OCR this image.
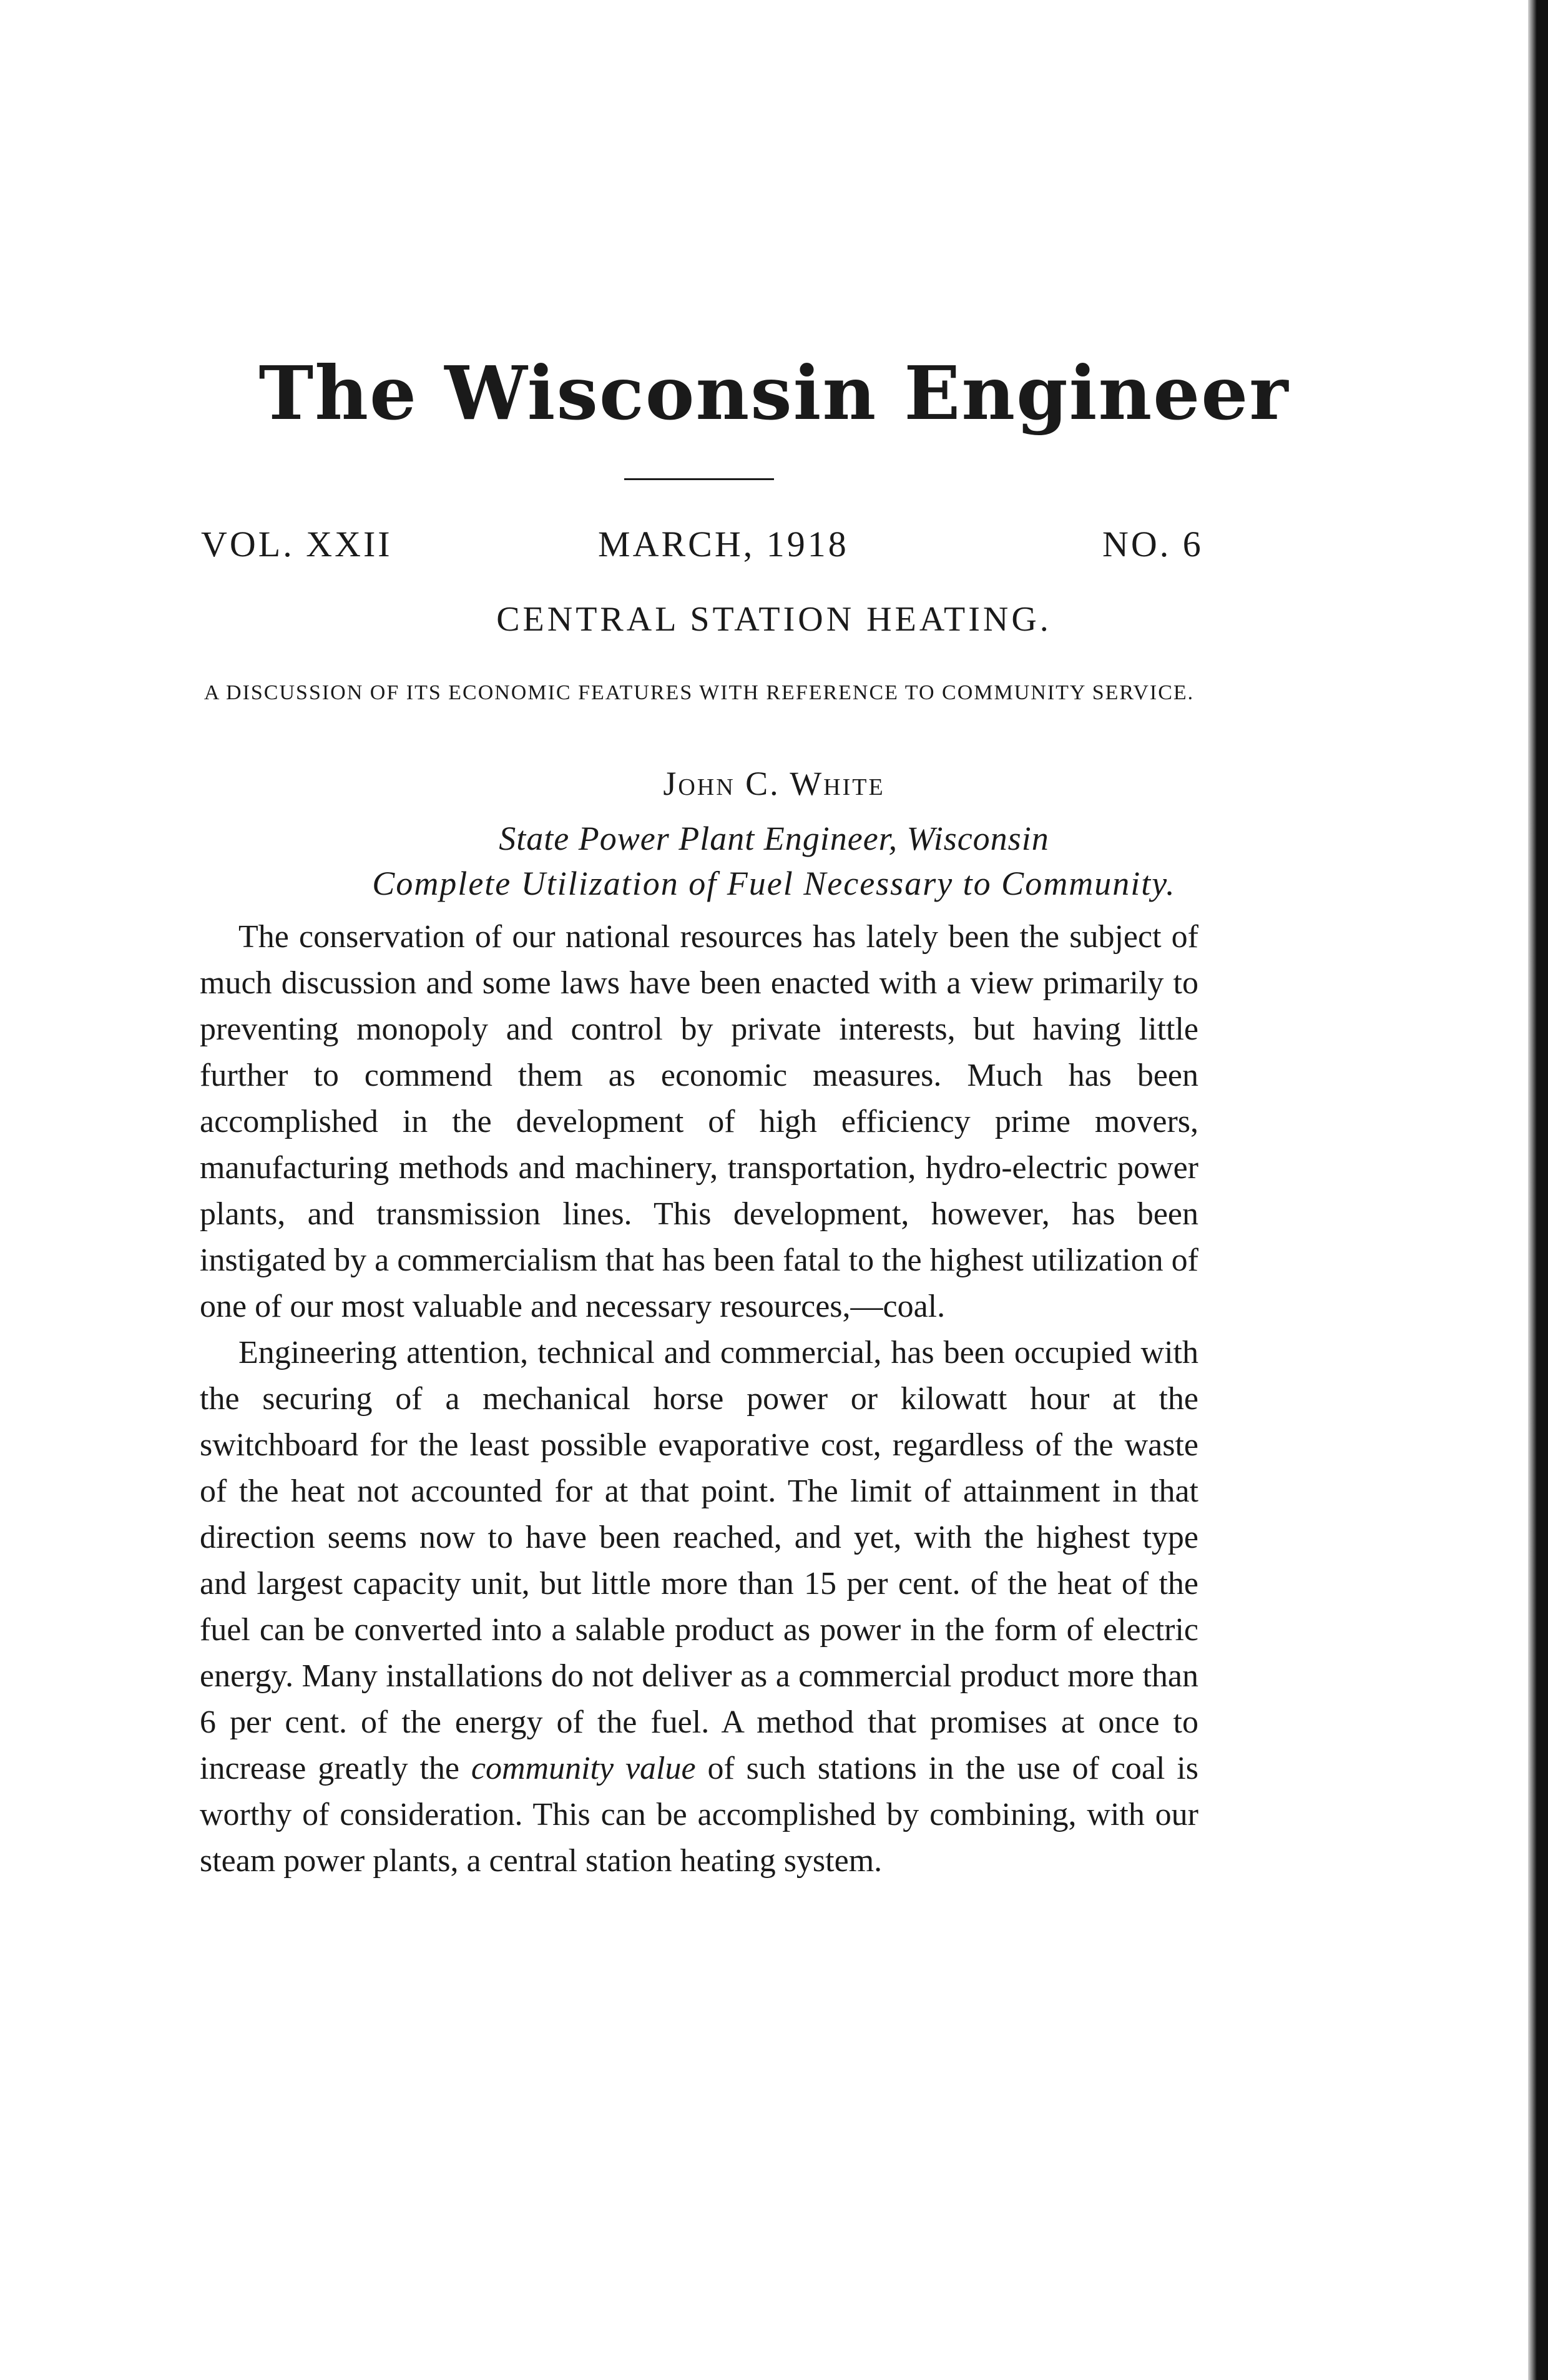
The Wisconsin Engineer
VOL. XXII	MARCH, 1918	NO. 6
CENTRAL STATION HEATING.
A DISCUSSION OF ITS ECONOMIC FEATURES WITH REFERENCE TO COMMUNITY SERVICE.
John C. White
State Power Plant Engineer, Wisconsin
Complete Utilization of Fuel Necessary to Community.

The conservation of our national resources has lately been the subject of much discussion and some laws have been enacted with a view primarily to preventing monopoly and control by private interests, but having little further to commend them as economic measures. Much has been accomplished in the development of high efficiency prime movers, manufacturing methods and machinery, transportation, hydro-electric power plants, and transmission lines. This development, however, has been instigated by a commercialism that has been fatal to the highest utilization of one of our most valuable and necessary resources,—coal.

Engineering attention, technical and commercial, has been occupied with the securing of a mechanical horse power or kilowatt hour at the switchboard for the least possible evaporative cost, regardless of the waste of the heat not accounted for at that point. The limit of attainment in that direction seems now to have been reached, and yet, with the highest type and largest capacity unit, but little more than 15 per cent. of the heat of the fuel can be converted into a salable product as power in the form of electric energy. Many installations do not deliver as a commercial product more than 6 per cent. of the energy of the fuel. A method that promises at once to increase greatly the community value of such stations in the use of coal is worthy of consideration. This can be accomplished by combining, with our steam power plants, a central station heating system.
